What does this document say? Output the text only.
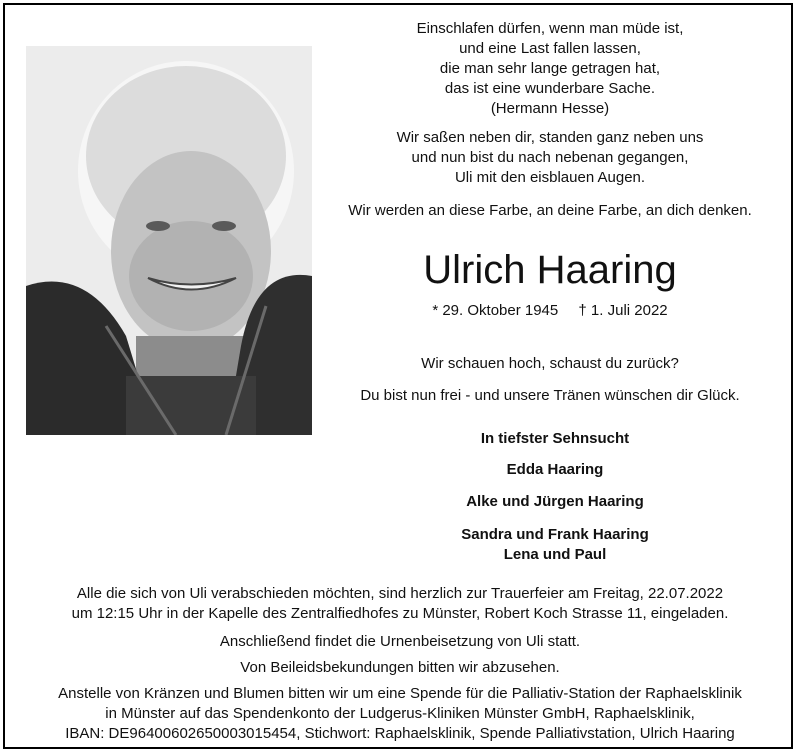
Einschlafen dürfen, wenn man müde ist,
und eine Last fallen lassen,
die man sehr lange getragen hat,
das ist eine wunderbare Sache.
(Hermann Hesse)
Wir saßen neben dir, standen ganz neben uns
und nun bist du nach nebenan gegangen,
Uli mit den eisblauen Augen.
Wir werden an diese Farbe, an deine Farbe, an dich denken.
Ulrich Haaring
* 29. Oktober 1945 † 1. Juli 2022
Wir schauen hoch, schaust du zurück?
Du bist nun frei - und unsere Tränen wünschen dir Glück.
In tiefster Sehnsucht
Edda Haaring
Alke und Jürgen Haaring
Sandra und Frank Haaring
Lena und Paul
Alle die sich von Uli verabschieden möchten, sind herzlich zur Trauerfeier am Freitag, 22.07.2022
um 12:15 Uhr in der Kapelle des Zentralfiedhofes zu Münster, Robert Koch Strasse 11, eingeladen.
Anschließend findet die Urnenbeisetzung von Uli statt.
Von Beileidsbekundungen bitten wir abzusehen.
Anstelle von Kränzen und Blumen bitten wir um eine Spende für die Palliativ-Station der Raphaelsklinik
in Münster auf das Spendenkonto der Ludgerus-Kliniken Münster GmbH, Raphaelsklinik,
IBAN: DE96400602650003015454, Stichwort: Raphaelsklinik, Spende Palliativstation, Ulrich Haaring
